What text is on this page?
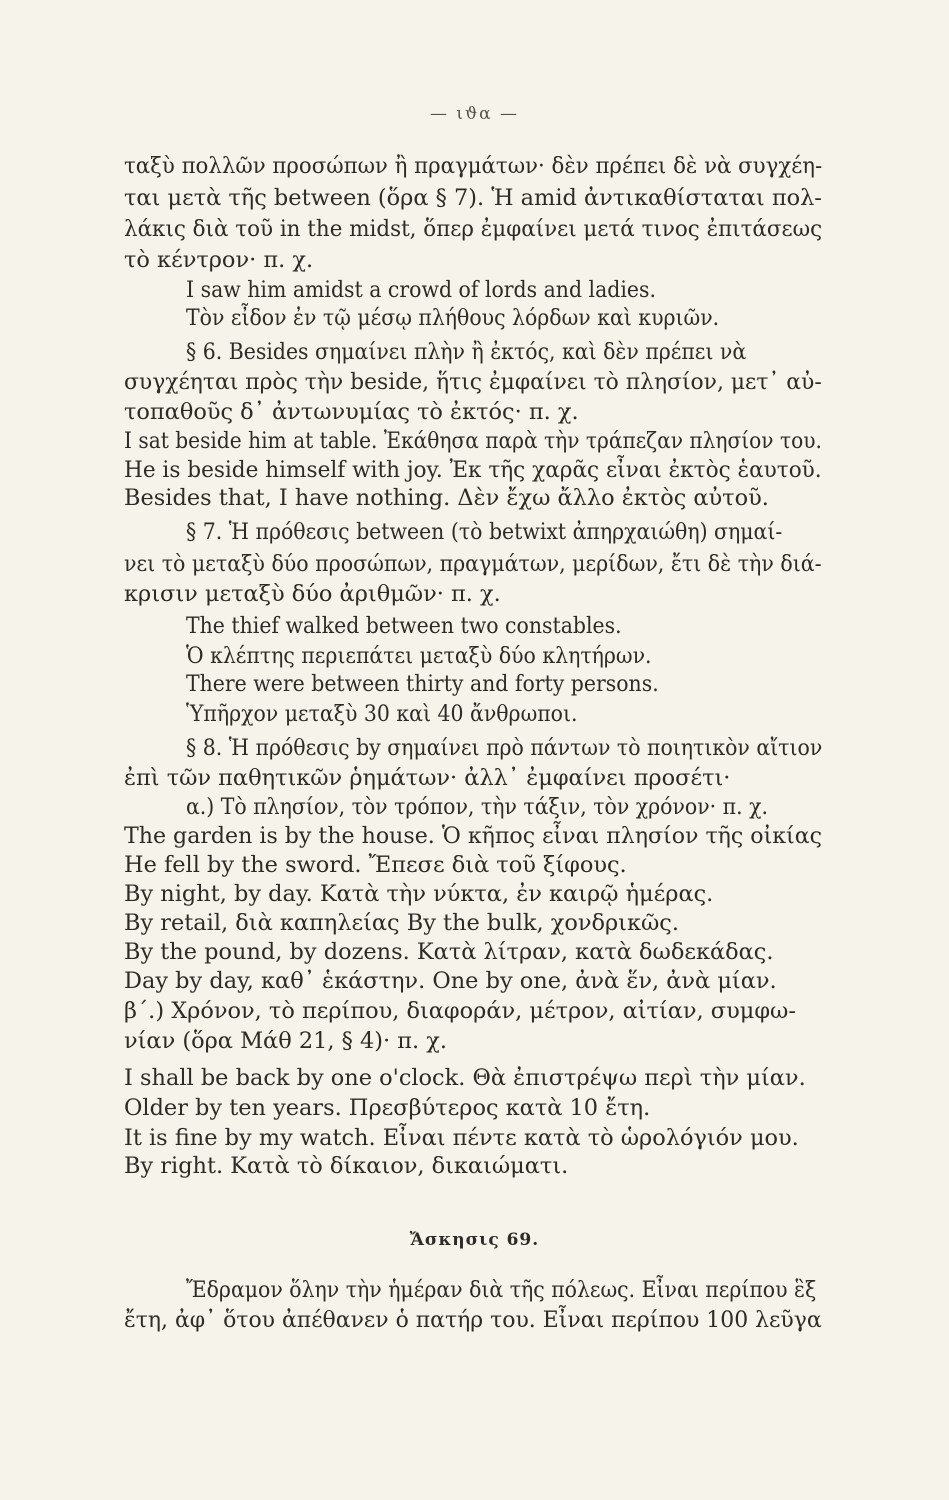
— ιϑα —
ταξὺ πολλῶν προσώπων ἢ πραγμάτων· δὲν πρέπει δὲ νὰ συγχέη-
ται μετὰ τῆς between (ὅρα § 7). Ἡ amid ἀντικαθίσταται πολ-
λάκις διὰ τοῦ in the midst, ὅπερ ἐμφαίνει μετά τινος ἐπιτάσεως
τὸ κέντρον· π. χ.
I saw him amidst a crowd of lords and ladies.
Τὸν εἶδον ἐν τῷ μέσῳ πλήθους λόρδων καὶ κυριῶν.
§ 6. Besides σημαίνει πλὴν ἢ ἐκτός, καὶ δὲν πρέπει νὰ
συγχέηται πρὸς τὴν beside, ἥτις ἐμφαίνει τὸ πλησίον, μετ᾿ αὐ-
τοπαθοῦς δ᾿ ἀντωνυμίας τὸ ἐκτός· π. χ.
I sat beside him at table. Ἐκάθησα παρὰ τὴν τράπεζαν πλησίον του.
He is beside himself with joy. Ἐκ τῆς χαρᾶς εἶναι ἐκτὸς ἑαυτοῦ.
Besides that, I have nothing. Δὲν ἔχω ἄλλο ἐκτὸς αὐτοῦ.
§ 7. Ἡ πρόθεσις between (τὸ betwixt ἀπηρχαιώθη) σημαί-
νει τὸ μεταξὺ δύο προσώπων, πραγμάτων, μερίδων, ἔτι δὲ τὴν διά-
κρισιν μεταξὺ δύο ἀριθμῶν· π. χ.
The thief walked between two constables.
Ὁ κλέπτης περιεπάτει μεταξὺ δύο κλητήρων.
There were between thirty and forty persons.
Ὑπῆρχον μεταξὺ 30 καὶ 40 ἄνθρωποι.
§ 8. Ἡ πρόθεσις by σημαίνει πρὸ πάντων τὸ ποιητικὸν αἴτιον
ἐπὶ τῶν παθητικῶν ῥημάτων· ἀλλ᾿ ἐμφαίνει προσέτι·
α.) Τὸ πλησίον, τὸν τρόπον, τὴν τάξιν, τὸν χρόνον· π. χ.
The garden is by the house. Ὁ κῆπος εἶναι πλησίον τῆς οἰκίας
He fell by the sword. Ἔπεσε διὰ τοῦ ξίφους.
By night, by day. Κατὰ τὴν νύκτα, ἐν καιρῷ ἡμέρας.
By retail, διὰ καπηλείας By the bulk, χονδρικῶς.
By the pound, by dozens. Κατὰ λίτραν, κατὰ δωδεκάδας.
Day by day, καθ᾿ ἑκάστην. One by one, ἀνὰ ἕν, ἀνὰ μίαν.
β΄.) Χρόνον, τὸ περίπου, διαφοράν, μέτρον, αἰτίαν, συμφω-
νίαν (ὅρα Μάθ 21, § 4)· π. χ.
I shall be back by one o'clock. Θὰ ἐπιστρέψω περὶ τὴν μίαν.
Older by ten years. Πρεσβύτερος κατὰ 10 ἔτη.
It is fine by my watch. Εἶναι πέντε κατὰ τὸ ὡρολόγιόν μου.
By right. Κατὰ τὸ δίκαιον, δικαιώματι.
Ἄσκησις 69.
Ἔδραμον ὅλην τὴν ἡμέραν διὰ τῆς πόλεως. Εἶναι περίπου ἓξ
ἔτη, ἀφ᾿ ὅτου ἀπέθανεν ὁ πατήρ του. Εἶναι περίπου 100 λεῦγα
